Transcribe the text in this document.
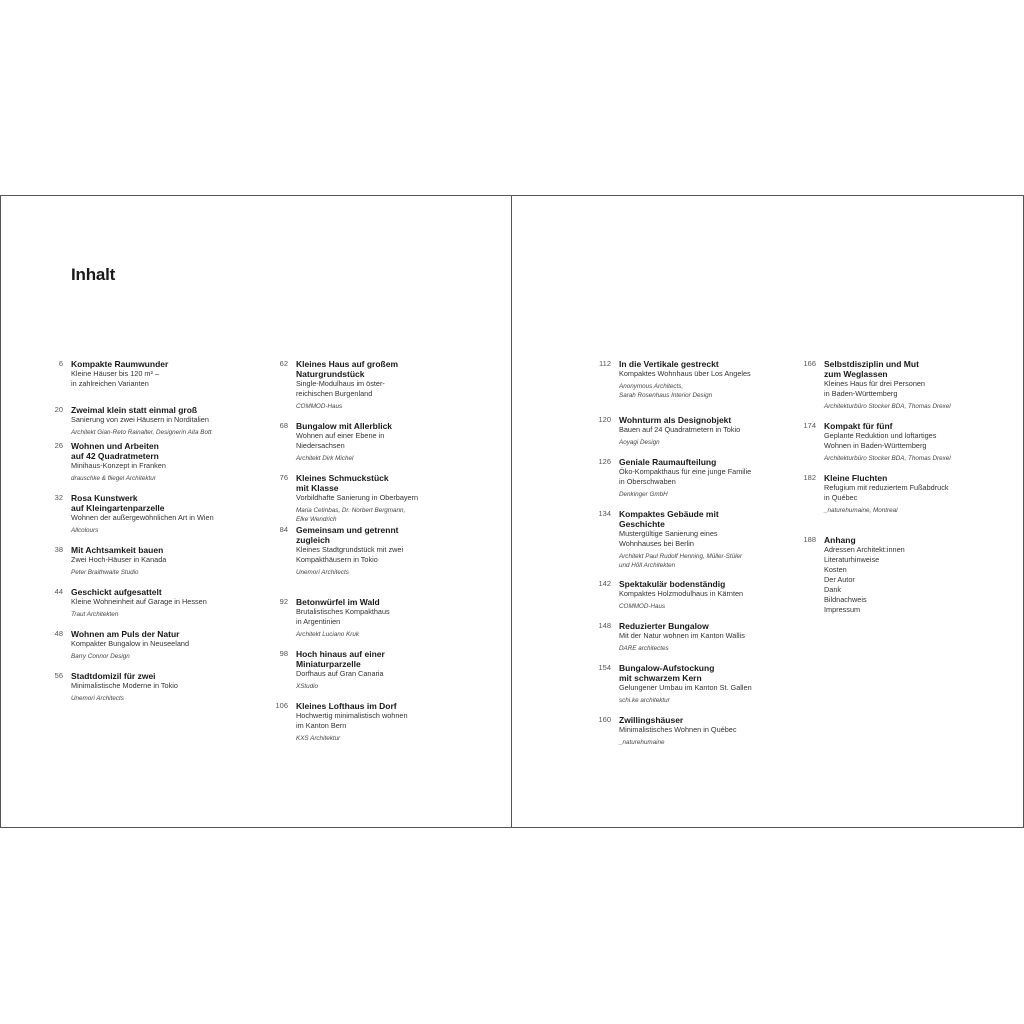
Inhalt
6 Kompakte Raumwunder
Kleine Häuser bis 120 m² –
in zahlreichen Varianten
20 Zweimal klein statt einmal groß
Sanierung von zwei Häusern in Norditalien
Architekt Gian-Reto Rainalter, Designerin Aita Bott
26 Wohnen und Arbeiten
auf 42 Quadratmetern
Minihaus-Konzept in Franken
drauschke & fliegel Architektur
32 Rosa Kunstwerk
auf Kleingartenparzelle
Wohnen der außergewöhnlichen Art in Wien
Allcolours
38 Mit Achtsamkeit bauen
Zwei Hoch-Häuser in Kanada
Peter Braithwaite Studio
44 Geschickt aufgesattelt
Kleine Wohneinheit auf Garage in Hessen
Traut Architekten
48 Wohnen am Puls der Natur
Kompakter Bungalow in Neuseeland
Barry Connor Design
56 Stadtdomizil für zwei
Minimalistische Moderne in Tokio
Unemori Architects
62 Kleines Haus auf großem
Naturgrundstück
Single-Modulhaus im öster-
reichischen Burgenland
COMMOD-Haus
68 Bungalow mit Allerblick
Wohnen auf einer Ebene in
Niedersachsen
Architekt Dirk Michel
76 Kleines Schmuckstück
mit Klasse
Vorbildhafte Sanierung in Oberbayern
Maria Cetinbas, Dr. Norbert Bergmann,
Elke Wendrich
84 Gemeinsam und getrennt
zugleich
Kleines Stadtgrundstück mit zwei
Kompakthäusern in Tokio
Unemori Architects
92 Betonwürfel im Wald
Brutalistisches Kompakthaus
in Argentinien
Architekt Luciano Kruk
98 Hoch hinaus auf einer
Miniaturparzelle
Dorfhaus auf Gran Canaria
XStudio
106 Kleines Lofthaus im Dorf
Hochwertig minimalistisch wohnen
im Kanton Bern
KXS Architektur
112 In die Vertikale gestreckt
Kompaktes Wohnhaus über Los Angeles
Anonymous Architects,
Sarah Rosenhaus Interior Design
120 Wohnturm als Designobjekt
Bauen auf 24 Quadratmetern in Tokio
Aoyagi Design
126 Geniale Raumaufteilung
Öko-Kompakthaus für eine junge Familie
in Oberschwaben
Denkinger GmbH
134 Kompaktes Gebäude mit
Geschichte
Mustergültige Sanierung eines
Wohnhauses bei Berlin
Architekt Paul Rudolf Henning, Müller-Stüler
und Höll Architekten
142 Spektakulär bodenständig
Kompaktes Holzmodulhaus in Kärnten
COMMOD-Haus
148 Reduzierter Bungalow
Mit der Natur wohnen im Kanton Wallis
DARE architectes
154 Bungalow-Aufstockung
mit schwarzem Kern
Gelungener Umbau im Kanton St. Gallen
schi.ke architektur
160 Zwillingshäuser
Minimalistisches Wohnen in Québec
_naturehumaine
166 Selbstdisziplin und Mut
zum Weglassen
Kleines Haus für drei Personen
in Baden-Württemberg
Architekturbüro Stocker BDA, Thomas Drexel
174 Kompakt für fünf
Geplante Reduktion und loftartiges
Wohnen in Baden-Württemberg
Architekturbüro Stocker BDA, Thomas Drexel
182 Kleine Fluchten
Refugium mit reduziertem Fußabdruck
in Québec
_naturehumaine, Montreal
188 Anhang
Adressen Architekt:innen
Literaturhinweise
Kosten
Der Autor
Dank
Bildnachweis
Impressum
